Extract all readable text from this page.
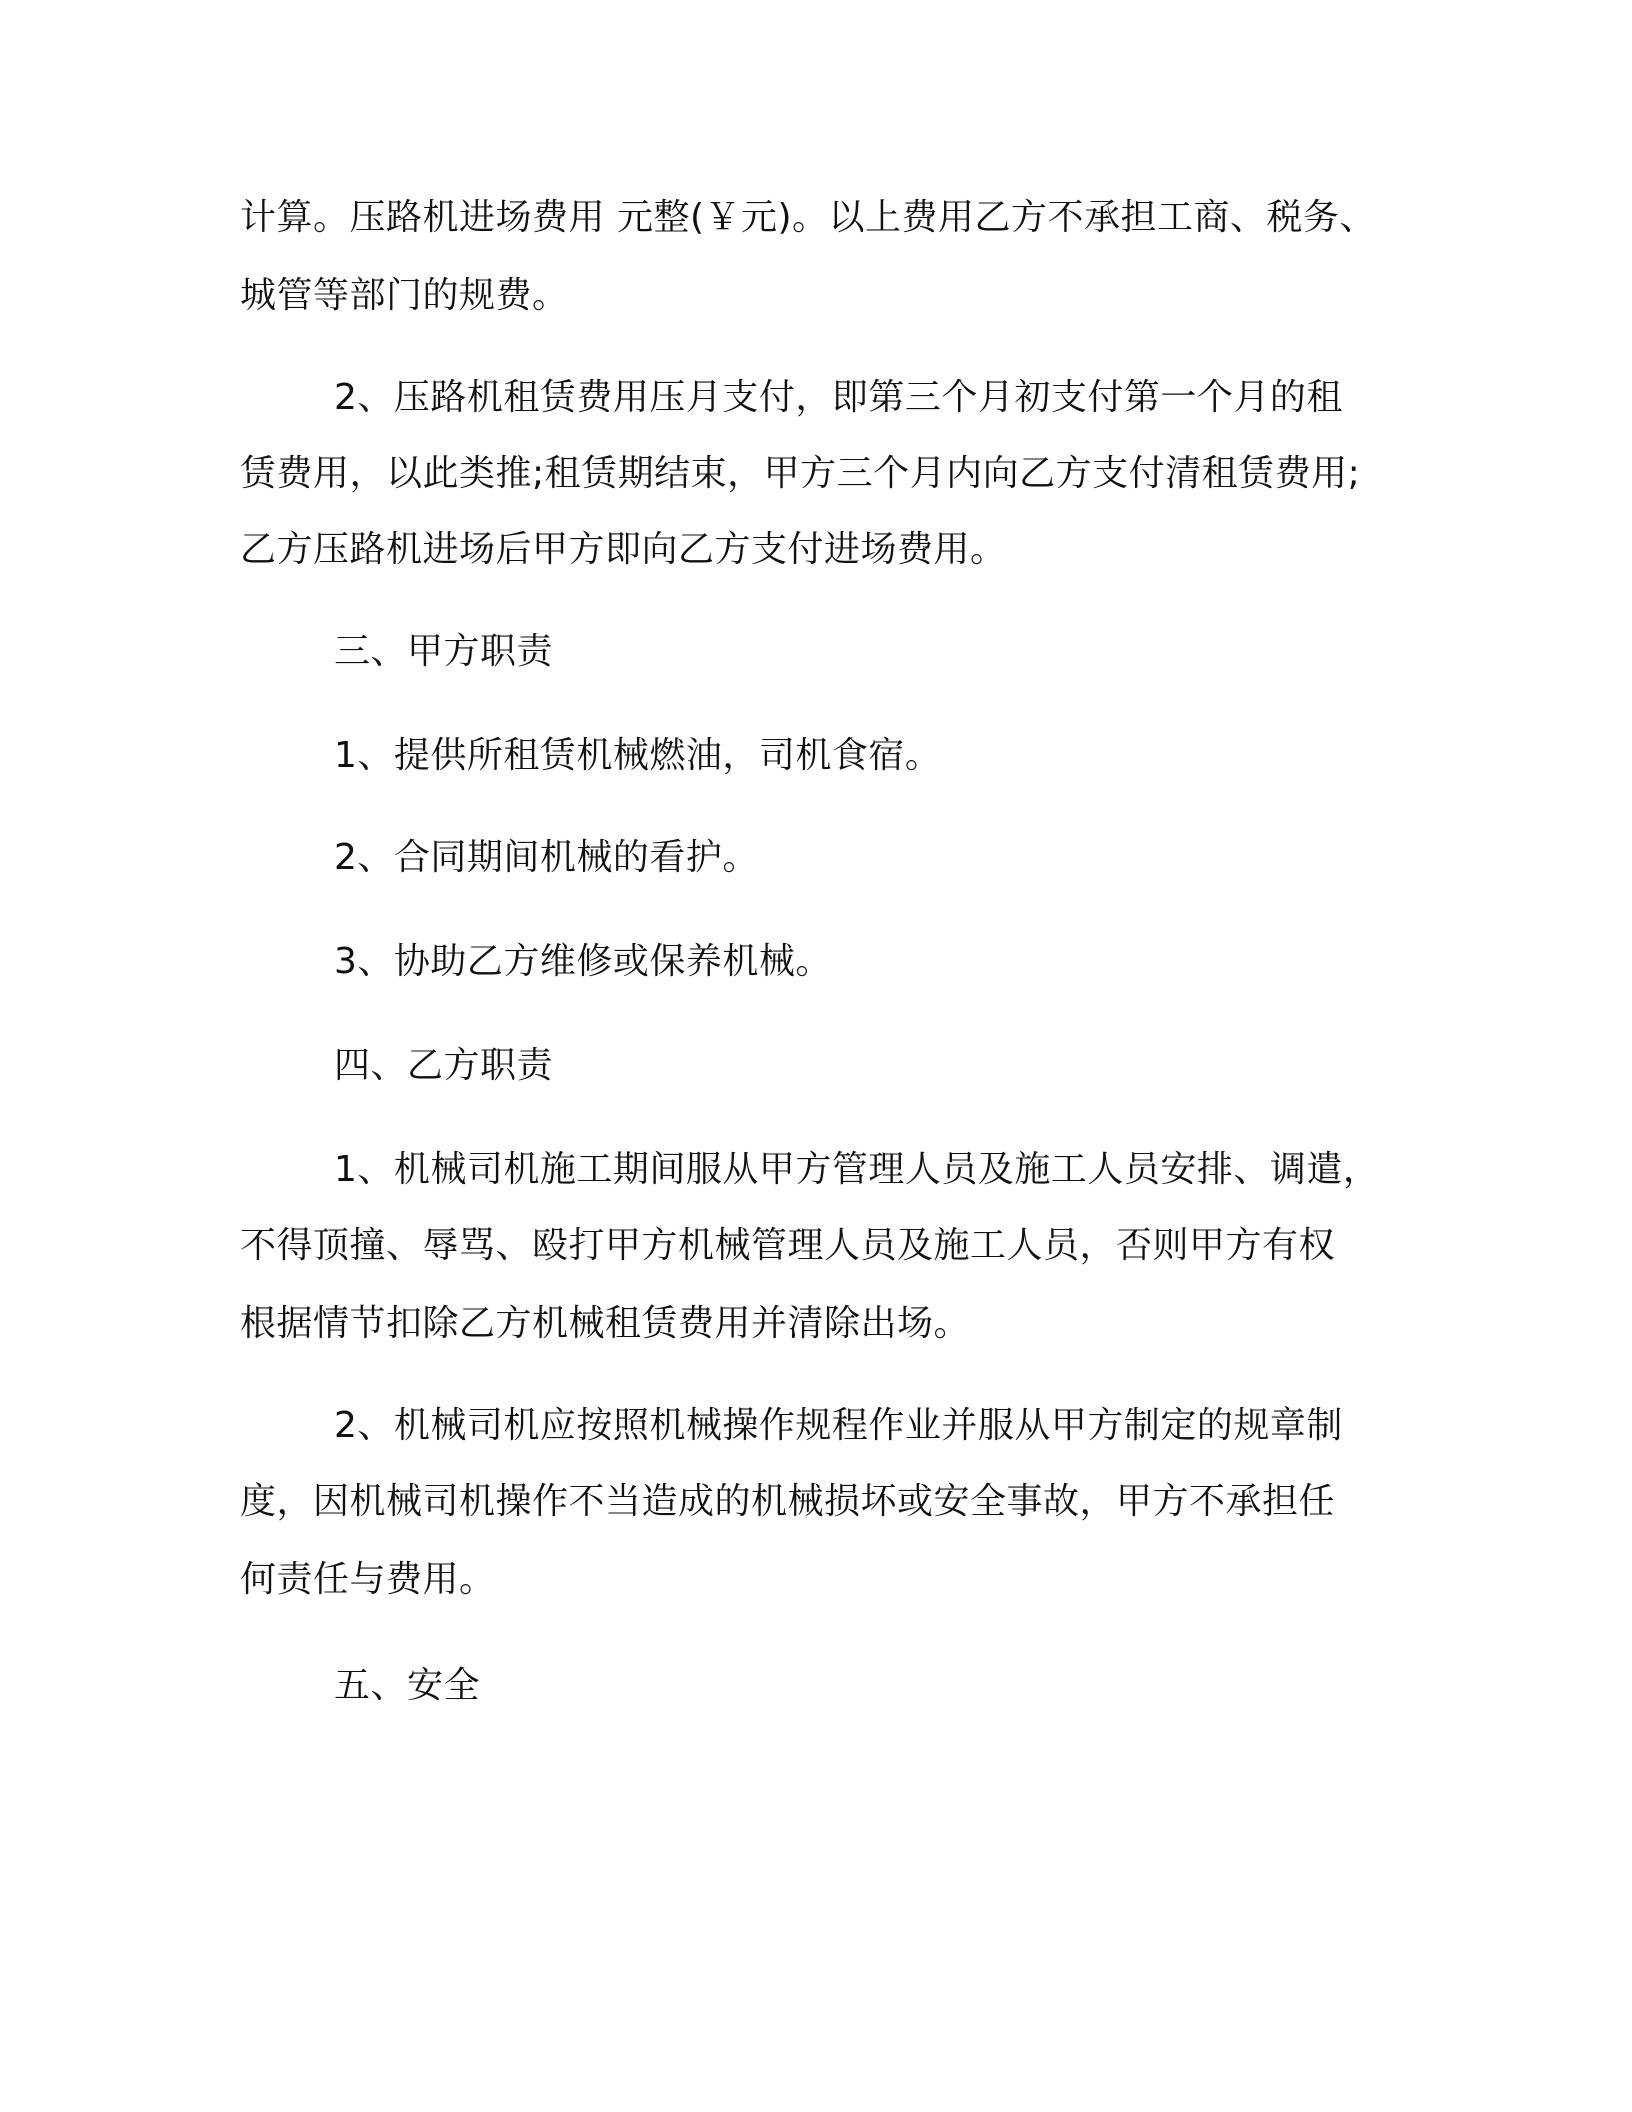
计算。压路机进场费用 元整(￥元)。以上费用乙方不承担工商、税务、
城管等部门的规费。
2、压路机租赁费用压月支付，即第三个月初支付第一个月的租
赁费用，以此类推;租赁期结束，甲方三个月内向乙方支付清租赁费用;
乙方压路机进场后甲方即向乙方支付进场费用。
三、甲方职责
1、提供所租赁机械燃油，司机食宿。
2、合同期间机械的看护。
3、协助乙方维修或保养机械。
四、乙方职责
1、机械司机施工期间服从甲方管理人员及施工人员安排、调遣，
不得顶撞、辱骂、殴打甲方机械管理人员及施工人员，否则甲方有权
根据情节扣除乙方机械租赁费用并清除出场。
2、机械司机应按照机械操作规程作业并服从甲方制定的规章制
度，因机械司机操作不当造成的机械损坏或安全事故，甲方不承担任
何责任与费用。
五、安全
